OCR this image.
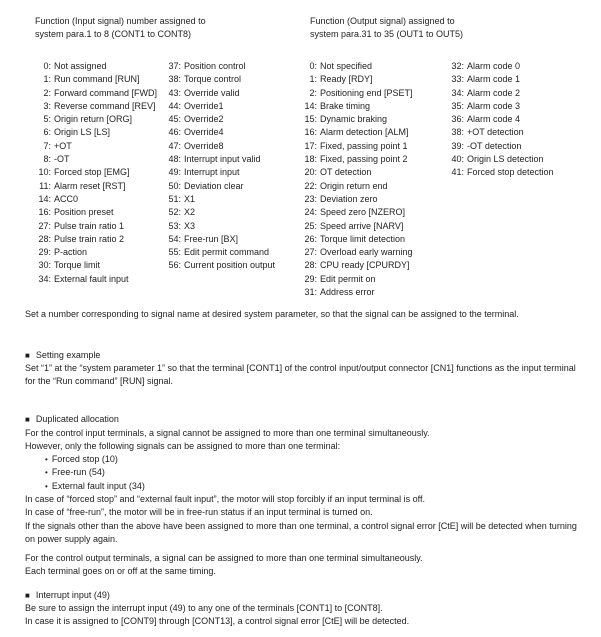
Function (Input signal) number assigned to
system para.1 to 8 (CONT1 to CONT8)
Function (Output signal) assigned to
system para.31 to 35 (OUT1 to OUT5)
0: Not assigned
1: Run command [RUN]
2: Forward command [FWD]
3: Reverse command [REV]
5: Origin return [ORG]
6: Origin LS [LS]
7: +OT
8: -OT
10: Forced stop [EMG]
11: Alarm reset [RST]
14: ACC0
16: Position preset
27: Pulse train ratio 1
28: Pulse train ratio 2
29: P-action
30: Torque limit
34: External fault input
37: Position control
38: Torque control
43: Override valid
44: Override1
45: Override2
46: Override4
47: Override8
48: Interrupt input valid
49: Interrupt input
50: Deviation clear
51: X1
52: X2
53: X3
54: Free-run [BX]
55: Edit permit command
56: Current position output
0: Not specified
1: Ready [RDY]
2: Positioning end [PSET]
14: Brake timing
15: Dynamic braking
16: Alarm detection [ALM]
17: Fixed, passing point 1
18: Fixed, passing point 2
20: OT detection
22: Origin return end
23: Deviation zero
24: Speed zero [NZERO]
25: Speed arrive [NARV]
26: Torque limit detection
27: Overload early warning
28: CPU ready [CPURDY]
29: Edit permit on
31: Address error
32: Alarm code 0
33: Alarm code 1
34: Alarm code 2
35: Alarm code 3
36: Alarm code 4
38: +OT detection
39: -OT detection
40: Origin LS detection
41: Forced stop detection
Set a number corresponding to signal name at desired system parameter, so that the signal can be assigned to the terminal.
■ Setting example
Set “1” at the “system parameter 1” so that the terminal [CONT1] of the control input/output connector [CN1] functions as the input terminal
for the “Run command” [RUN] signal.
■ Duplicated allocation
For the control input terminals, a signal cannot be assigned to more than one terminal simultaneously.
However, only the following signals can be assigned to more than one terminal:
• Forced stop (10)
• Free-run (54)
• External fault input (34)
In case of “forced stop” and “external fault input”, the motor will stop forcibly if an input terminal is off.
In case of “free-run”, the motor will be in free-run status if an input terminal is turned on.
If the signals other than the above have been assigned to more than one terminal, a control signal error [CtE] will be detected when turning
on power supply again.
For the control output terminals, a signal can be assigned to more than one terminal simultaneously.
Each terminal goes on or off at the same timing.
■ Interrupt input (49)
Be sure to assign the interrupt input (49) to any one of the terminals [CONT1] to [CONT8].
In case it is assigned to [CONT9] through [CONT13], a control signal error [CtE] will be detected.
